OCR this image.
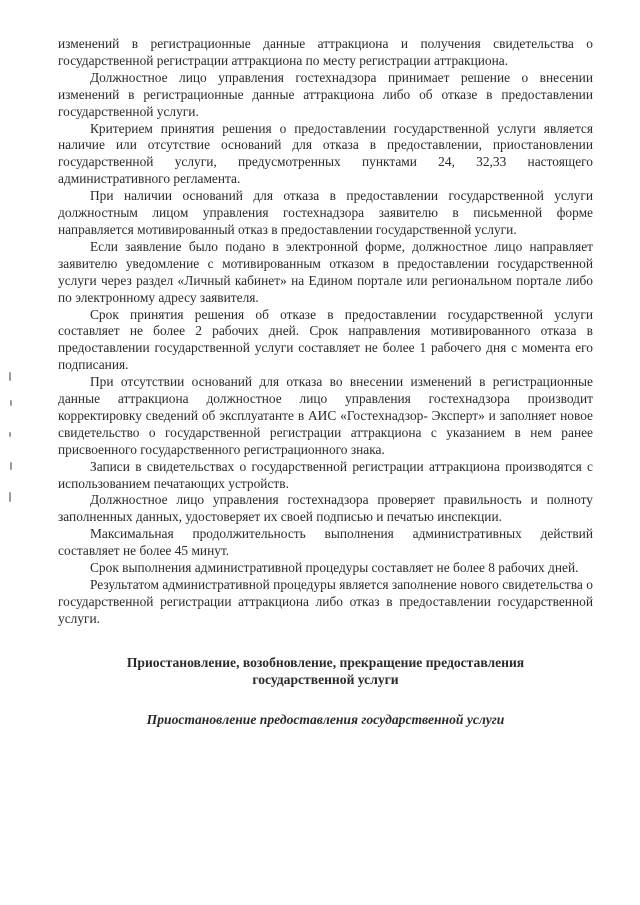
изменений в регистрационные данные аттракциона и получения свидетельства о государственной регистрации аттракциона по месту регистрации аттракциона.

Должностное лицо управления гостехнадзора принимает решение о внесении изменений в регистрационные данные аттракциона либо об отказе в предоставлении государственной услуги.

Критерием принятия решения о предоставлении государственной услуги является наличие или отсутствие оснований для отказа в предоставлении, приостановлении государственной услуги, предусмотренных пунктами 24, 32,33 настоящего административного регламента.

При наличии оснований для отказа в предоставлении государственной услуги должностным лицом управления гостехнадзора заявителю в письменной форме направляется мотивированный отказ в предоставлении государственной услуги.

Если заявление было подано в электронной форме, должностное лицо направляет заявителю уведомление с мотивированным отказом в предоставлении государственной услуги через раздел «Личный кабинет» на Едином портале или региональном портале либо по электронному адресу заявителя.

Срок принятия решения об отказе в предоставлении государственной услуги составляет не более 2 рабочих дней. Срок направления мотивированного отказа в предоставлении государственной услуги составляет не более 1 рабочего дня с момента его подписания.

При отсутствии оснований для отказа во внесении изменений в регистрационные данные аттракциона должностное лицо управления гостехнадзора производит корректировку сведений об эксплуатанте в АИС «Гостехнадзор- Эксперт» и заполняет новое свидетельство о государственной регистрации аттракциона с указанием в нем ранее присвоенного государственного регистрационного знака.

Записи в свидетельствах о государственной регистрации аттракциона производятся с использованием печатающих устройств.

Должностное лицо управления гостехнадзора проверяет правильность и полноту заполненных данных, удостоверяет их своей подписью и печатью инспекции.

Максимальная продолжительность выполнения административных действий составляет не более 45 минут.

Срок выполнения административной процедуры составляет не более 8 рабочих дней.

Результатом административной процедуры является заполнение нового свидетельства о государственной регистрации аттракциона либо отказ в предоставлении государственной услуги.

Приостановление, возобновление, прекращение предоставления
государственной услуги
Приостановление предоставления государственной услуги
